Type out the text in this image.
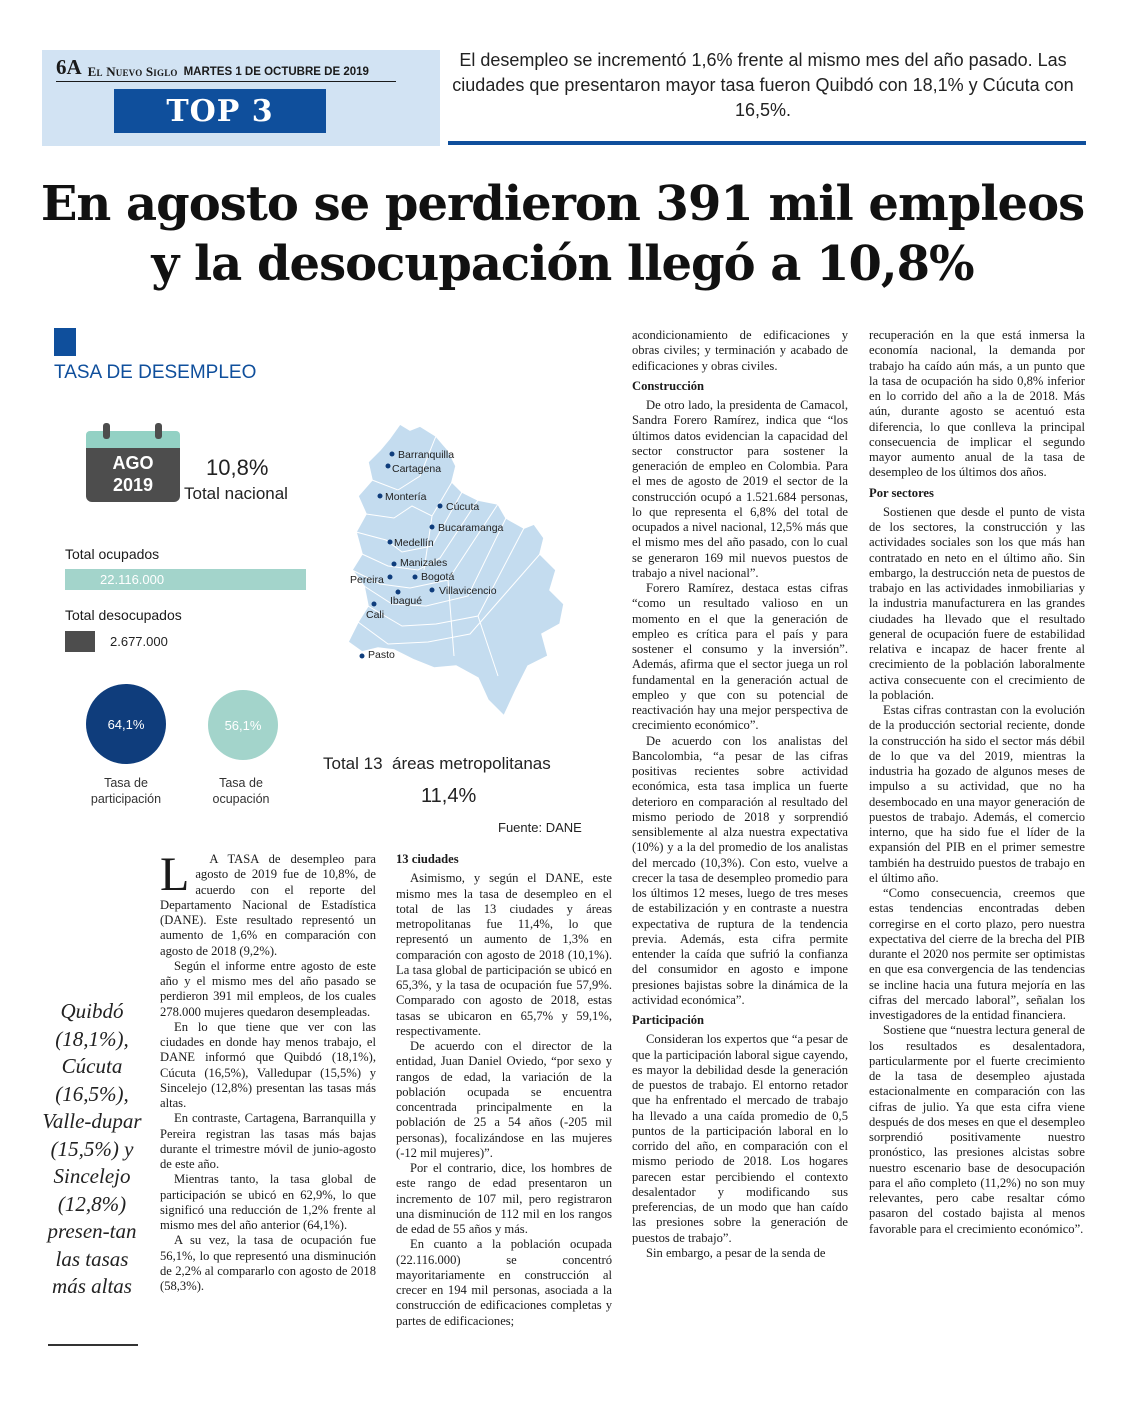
6A El Nuevo Siglo MARTES 1 DE OCTUBRE DE 2019
TOP 3
El desempleo se incrementó 1,6% frente al mismo mes del año pasado. Las ciudades que presentaron mayor tasa fueron Quibdó con 18,1% y Cúcuta con 16,5%.
En agosto se perdieron 391 mil empleos
y la desocupación llegó a 10,8%
TASA DE DESEMPLEO
AGO
2019
10,8%
Total nacional
Total ocupados
22.116.000
Total desocupados
2.677.000
64,1%	56,1%
Tasa de participación
Tasa de ocupación
Barranquilla
Cartagena
Montería
Cúcuta
Bucaramanga
Medellín
Manizales
Pereira	Bogotá
Villavicencio
Ibagué
Cali
Pasto
Total 13  áreas metropolitanas
11,4%
Fuente: DANE
Quibdó (18,1%), Cúcuta (16,5%), Valle-dupar (15,5%) y Sincelejo (12,8%) presen-tan las tasas más altas
L	A TASA de desempleo para agosto de 2019 fue de 10,8%, de acuerdo con el reporte del Departamento Nacional de Estadística (DANE). Este resultado representó un aumento de 1,6% en comparación con agosto de 2018 (9,2%).

Según el informe entre agosto de este año y el mismo mes del año pasado se perdieron 391 mil empleos, de los cuales 278.000 mujeres quedaron desempleadas.

En lo que tiene que ver con las ciudades en donde hay menos trabajo, el DANE informó que Quibdó (18,1%), Cúcuta (16,5%), Valledupar (15,5%) y Sincelejo (12,8%) presentan las tasas más altas.

En contraste, Cartagena, Barranquilla y Pereira registran las tasas más bajas durante el trimestre móvil de junio-agosto de este año.

Mientras tanto, la tasa global de participación se ubicó en 62,9%, lo que significó una reducción de 1,2% frente al mismo mes del año anterior (64,1%).

A su vez, la tasa de ocupación fue 56,1%, lo que representó una disminución de 2,2% al compararlo con agosto de 2018 (58,3%).

13 ciudades

Asimismo, y según el DANE, este mismo mes la tasa de desempleo en el total de las 13 ciudades y áreas metropolitanas fue 11,4%, lo que representó un aumento de 1,3% en comparación con agosto de 2018 (10,1%). La tasa global de participación se ubicó en 65,3%, y la tasa de ocupación fue 57,9%. Comparado con agosto de 2018, estas tasas se ubicaron en 65,7% y 59,1%, respectivamente.

De acuerdo con el director de la entidad, Juan Daniel Oviedo, “por sexo y rangos de edad, la variación de la población ocupada se encuentra concentrada principalmente en la población de 25 a 54 años (-205 mil personas), focalizándose en las mujeres (-12 mil mujeres)”.

Por el contrario, dice, los hombres de este rango de edad presentaron un incremento de 107 mil, pero registraron una disminución de 112 mil en los rangos de edad de 55 años y más.

En cuanto a la población ocupada (22.116.000) se concentró mayoritariamente en construcción al crecer en 194 mil personas, asociada a la construcción de edificaciones completas y partes de edificaciones;

acondicionamiento de edificaciones y obras civiles; y terminación y acabado de edificaciones y obras civiles.

Construcción

De otro lado, la presidenta de Camacol, Sandra Forero Ramírez, indica que “los últimos datos evidencian la capacidad del sector constructor para sostener la generación de empleo en Colombia. Para el mes de agosto de 2019 el sector de la construcción ocupó a 1.521.684 personas, lo que representa el 6,8% del total de ocupados a nivel nacional, 12,5% más que el mismo mes del año pasado, con lo cual se generaron 169 mil nuevos puestos de trabajo a nivel nacional”.

Forero Ramírez, destaca estas cifras “como un resultado valioso en un momento en el que la generación de empleo es crítica para el país y para sostener el consumo y la inversión”. Además, afirma que el sector juega un rol fundamental en la generación actual de empleo y que con su potencial de reactivación hay una mejor perspectiva de crecimiento económico”.

De acuerdo con los analistas del Bancolombia, “a pesar de las cifras positivas recientes sobre actividad económica, esta tasa implica un fuerte deterioro en comparación al resultado del mismo periodo de 2018 y sorprendió sensiblemente al alza nuestra expectativa (10%) y a la del promedio de los analistas del mercado (10,3%). Con esto, vuelve a crecer la tasa de desempleo promedio para los últimos 12 meses, luego de tres meses de estabilización y en contraste a nuestra expectativa de ruptura de la tendencia previa. Además, esta cifra permite entender la caída que sufrió la confianza del consumidor en agosto e impone presiones bajistas sobre la dinámica de la actividad económica”.

Participación

Consideran los expertos que “a pesar de que la participación laboral sigue cayendo, es mayor la debilidad desde la generación de puestos de trabajo. El entorno retador que ha enfrentado el mercado de trabajo ha llevado a una caída promedio de 0,5 puntos de la participación laboral en lo corrido del año, en comparación con el mismo periodo de 2018. Los hogares parecen estar percibiendo el contexto desalentador y modificando sus preferencias, de un modo que han caído las presiones sobre la generación de puestos de trabajo”.

Sin embargo, a pesar de la senda de

recuperación en la que está inmersa la economía nacional, la demanda por trabajo ha caído aún más, a un punto que la tasa de ocupación ha sido 0,8% inferior en lo corrido del año a la de 2018. Más aún, durante agosto se acentuó esta diferencia, lo que conlleva la principal consecuencia de implicar el segundo mayor aumento anual de la tasa de desempleo de los últimos dos años.

Por sectores

Sostienen que desde el punto de vista de los sectores, la construcción y las actividades sociales son los que más han contratado en neto en el último año. Sin embargo, la destrucción neta de puestos de trabajo en las actividades inmobiliarias y la industria manufacturera en las grandes ciudades ha llevado que el resultado general de ocupación fuere de estabilidad relativa e incapaz de hacer frente al crecimiento de la población laboralmente activa consecuente con el crecimiento de la población.

Estas cifras contrastan con la evolución de la producción sectorial reciente, donde la construcción ha sido el sector más débil de lo que va del 2019, mientras la industria ha gozado de algunos meses de impulso a su actividad, que no ha desembocado en una mayor generación de puestos de trabajo. Además, el comercio interno, que ha sido fue el líder de la expansión del PIB en el primer semestre también ha destruido puestos de trabajo en el último año.

“Como consecuencia, creemos que estas tendencias encontradas deben corregirse en el corto plazo, pero nuestra expectativa del cierre de la brecha del PIB durante el 2020 nos permite ser optimistas en que esa convergencia de las tendencias se incline hacia una futura mejoría en las cifras del mercado laboral”, señalan los investigadores de la entidad financiera.

Sostiene que “nuestra lectura general de los resultados es desalentadora, particularmente por el fuerte crecimiento de la tasa de desempleo ajustada estacionalmente en comparación con las cifras de julio. Ya que esta cifra viene después de dos meses en que el desempleo sorprendió positivamente nuestro pronóstico, las presiones alcistas sobre nuestro escenario base de desocupación para el año completo (11,2%) no son muy relevantes, pero cabe resaltar cómo pasaron del costado bajista al menos favorable para el crecimiento económico”.
